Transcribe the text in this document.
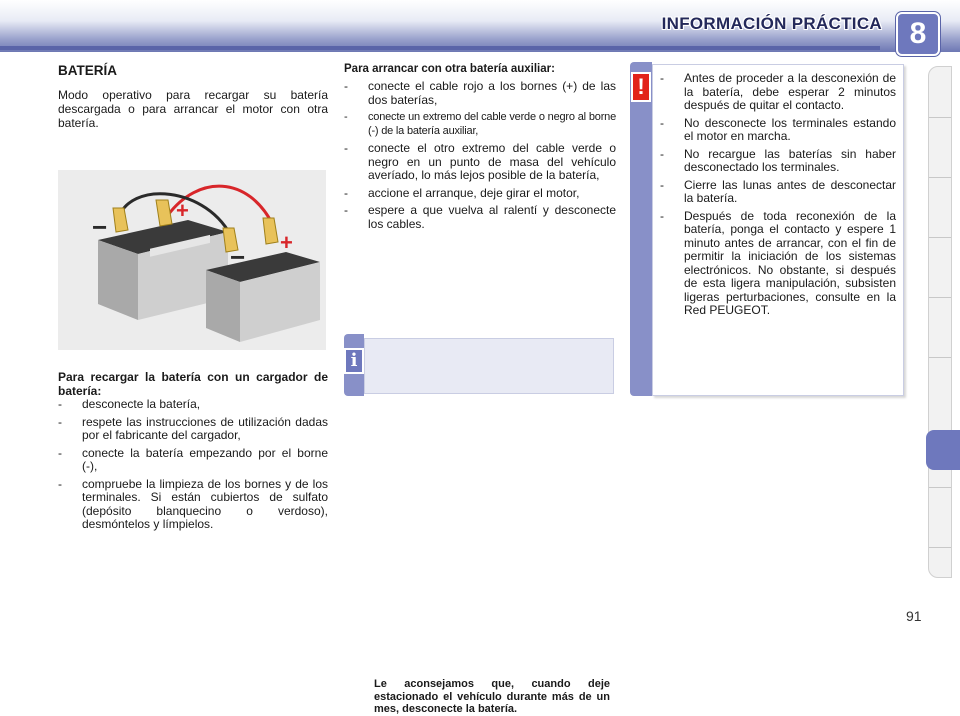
INFORMACIÓN PRÁCTICA 8
BATERÍA
Modo operativo para recargar su batería descargada o para arrancar el motor con otra batería.
+
−
+
−
Para recargar la batería con un cargador de batería:
- desconecte la batería,
- respete las instrucciones de utilización dadas por el fabricante del cargador,
- conecte la batería empezando por el borne (-),
- compruebe la limpieza de los bornes y de los terminales. Si están cubiertos de sulfato (depósito blanquecino o verdoso), desmóntelos y límpielos.
Para arrancar con otra batería auxiliar:
- conecte el cable rojo a los bornes (+) de las dos baterías,
- conecte un extremo del cable verde o negro al borne (-) de la batería auxiliar,
- conecte el otro extremo del cable verde o negro en un punto de masa del vehículo averíado, lo más lejos posible de la batería,
- accione el arranque, deje girar el motor,
- espere a que vuelva al ralentí y desconecte los cables.
i
Le aconsejamos que, cuando deje estacionado el vehículo durante más de un mes, desconecte la batería.
!	- Antes de proceder a la desconexión de la batería, debe esperar 2 minutos después de quitar el contacto.
- No desconecte los terminales estando el motor en marcha.
- No recargue las baterías sin haber desconectado los terminales.
- Cierre las lunas antes de desconectar la batería.
- Después de toda reconexión de la batería, ponga el contacto y espere 1 minuto antes de arrancar, con el fin de permitir la iniciación de los sistemas electrónicos. No obstante, si después de esta ligera manipulación, subsisten ligeras perturbaciones, consulte en la Red PEUGEOT.
91
